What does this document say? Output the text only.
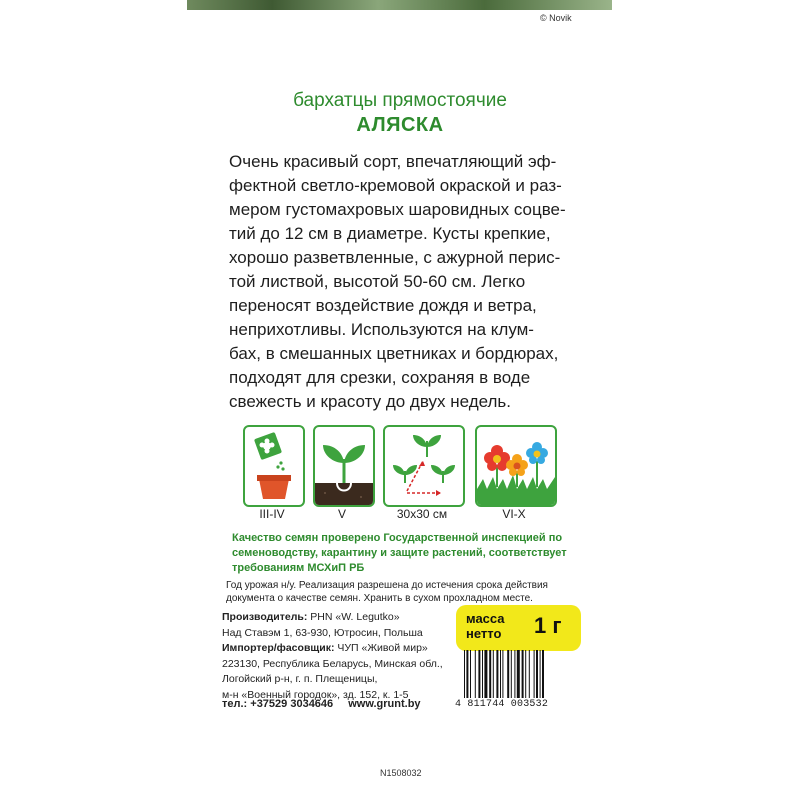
© Novik
бархатцы прямостоячие
АЛЯСКА
Очень красивый сорт, впечатляющий эф-
фектной светло-кремовой окраской и раз-
мером густомахровых шаровидных соцве-
тий до 12 см в диаметре. Кусты крепкие,
хорошо разветвленные, с ажурной перис-
той листвой, высотой 50-60 см. Легко
переносят воздействие дождя и ветра,
неприхотливы. Используются на клум-
бах, в смешанных цветниках и бордюрах,
подходят для срезки, сохраняя в воде
свежесть и красоту до двух недель.
III-IV	V	30х30 см	VI-X
Качество семян проверено Государственной инспекцией по
семеноводству, карантину и защите растений, соответствует
требованиям МСХиП РБ
Год урожая н/у. Реализация разрешена до истечения срока действия
документа о качестве семян. Хранить в сухом прохладном месте.
Производитель: PHN «W. Legutko»
Над Ставэм 1, 63-930, Ютросин, Польша
Импортер/фасовщик: ЧУП «Живой мир»
223130, Республика Беларусь, Минская обл.,
Логойский р-н, г. п. Плещеницы,
м-н «Военный городок», зд. 152, к. 1-5
тел.: +37529 3034646 www.grunt.by
масса
нетто 1 г
4 811744 003532
N1508032
